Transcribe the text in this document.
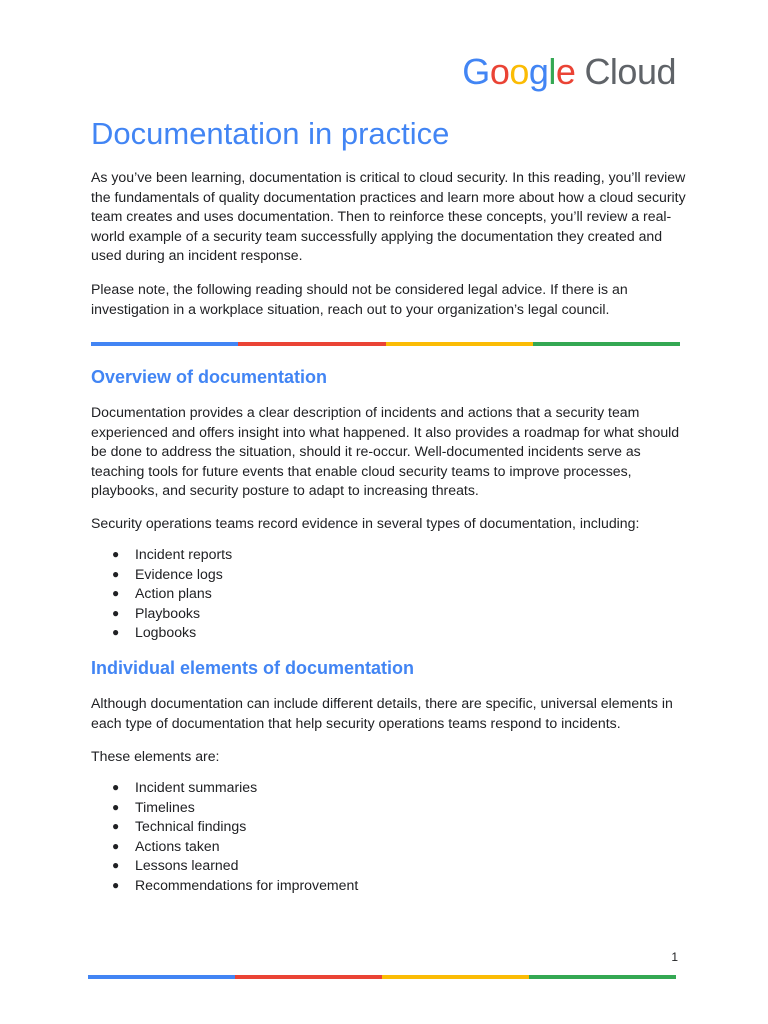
Google Cloud
Documentation in practice

As you’ve been learning, documentation is critical to cloud security. In this reading, you’ll review the fundamentals of quality documentation practices and learn more about how a cloud security team creates and uses documentation. Then to reinforce these concepts, you’ll review a real-world example of a security team successfully applying the documentation they created and used during an incident response.

Please note, the following reading should not be considered legal advice. If there is an investigation in a workplace situation, reach out to your organization’s legal council.

Overview of documentation

Documentation provides a clear description of incidents and actions that a security team experienced and offers insight into what happened. It also provides a roadmap for what should be done to address the situation, should it re-occur. Well-documented incidents serve as teaching tools for future events that enable cloud security teams to improve processes, playbooks, and security posture to adapt to increasing threats.

Security operations teams record evidence in several types of documentation, including:

● Incident reports
● Evidence logs
● Action plans
● Playbooks
● Logbooks
Individual elements of documentation

Although documentation can include different details, there are specific, universal elements in each type of documentation that help security operations teams respond to incidents.

These elements are:

● Incident summaries
● Timelines
● Technical findings
● Actions taken
● Lessons learned
● Recommendations for improvement
1
